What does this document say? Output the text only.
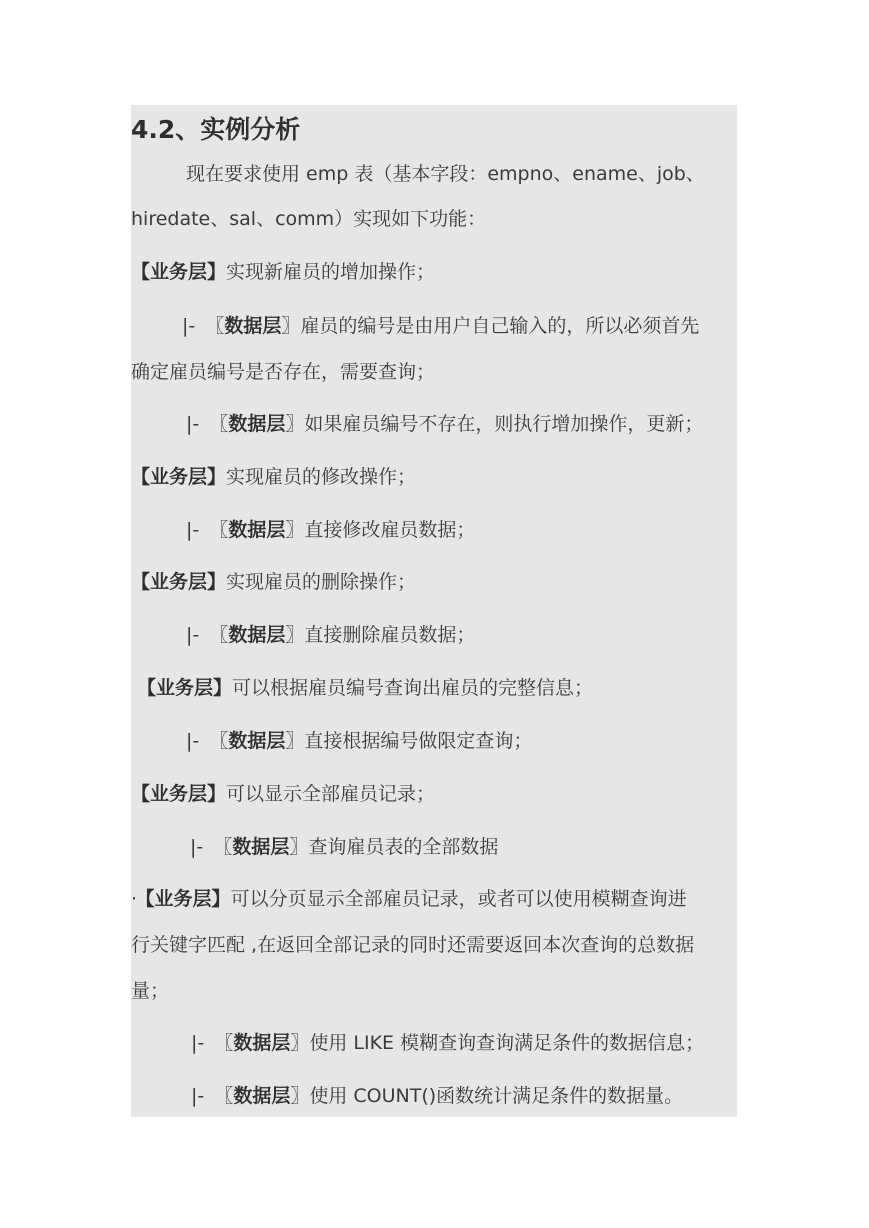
4.2、实例分析
现在要求使用 emp 表（基本字段：empno、ename、job、
hiredate、sal、comm）实现如下功能：
【业务层】实现新雇员的增加操作；
|- 〖数据层〗雇员的编号是由用户自己输入的，所以必须首先
确定雇员编号是否存在，需要查询；
|- 〖数据层〗如果雇员编号不存在，则执行增加操作，更新；
【业务层】实现雇员的修改操作；
|- 〖数据层〗直接修改雇员数据；
【业务层】实现雇员的删除操作；
|- 〖数据层〗直接删除雇员数据；
【业务层】可以根据雇员编号查询出雇员的完整信息；
|- 〖数据层〗直接根据编号做限定查询；
【业务层】可以显示全部雇员记录；
|- 〖数据层〗查询雇员表的全部数据
· 【业务层】可以分页显示全部雇员记录，或者可以使用模糊查询进
行关键字匹配 ,在返回全部记录的同时还需要返回本次查询的总数据
量；
|- 〖数据层〗使用 LIKE 模糊查询查询满足条件的数据信息；
|- 〖数据层〗使用 COUNT()函数统计满足条件的数据量。
